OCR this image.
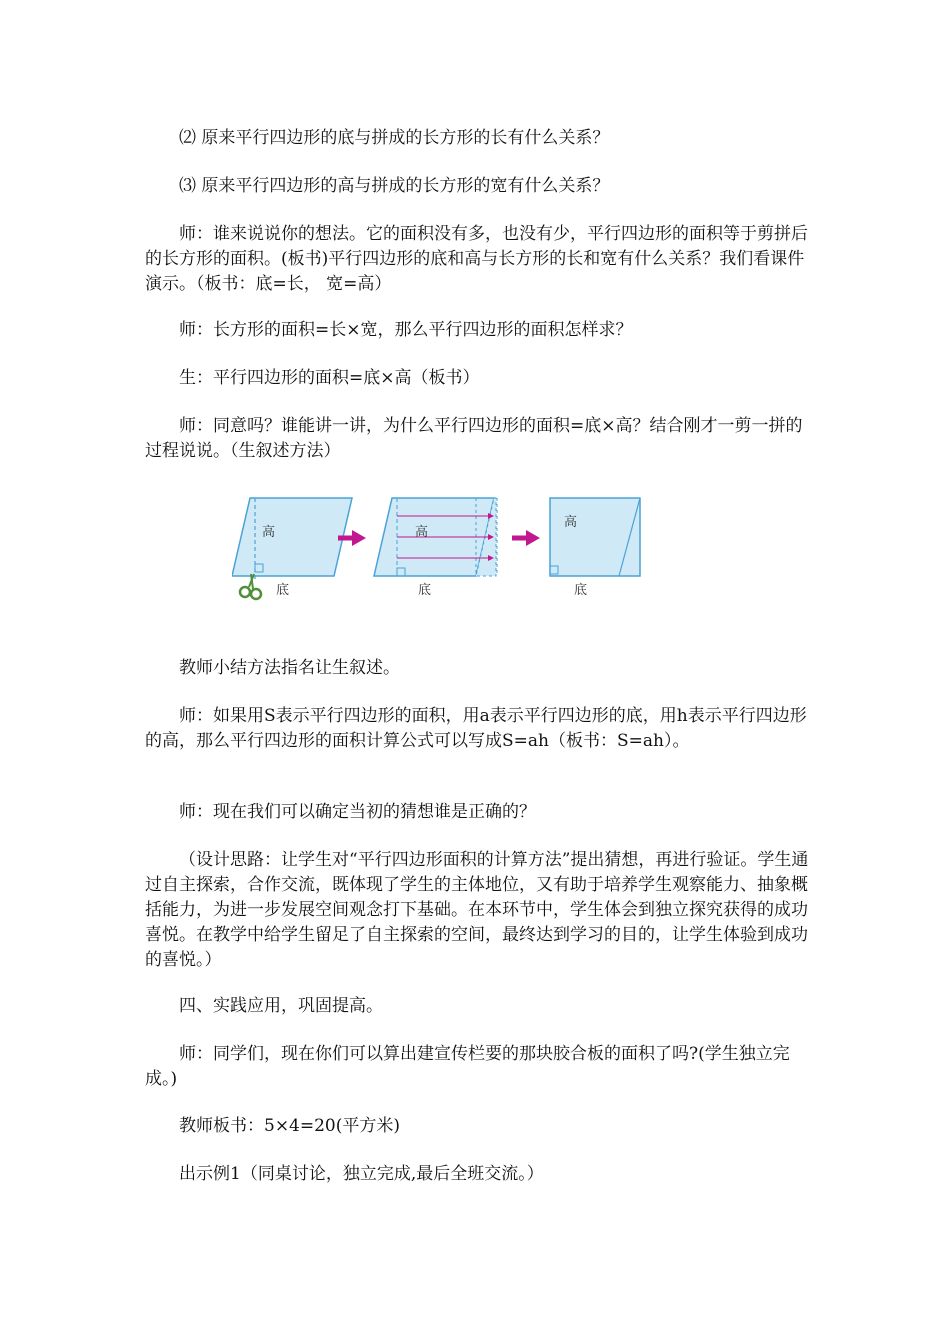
⑵ 原来平行四边形的底与拼成的长方形的长有什么关系？

⑶ 原来平行四边形的高与拼成的长方形的宽有什么关系？

师：谁来说说你的想法。它的面积没有多，也没有少，平行四边形的面积等于剪拼后的长方形的面积。(板书)平行四边形的底和高与长方形的长和宽有什么关系？我们看课件演示。（板书：底=长， 宽=高）

师：长方形的面积=长×宽，那么平行四边形的面积怎样求？

生：平行四边形的面积=底×高（板书）

师：同意吗？谁能讲一讲，为什么平行四边形的面积=底×高？结合刚才一剪一拼的过程说说。（生叙述方法）

高
底
高
底
高
底

教师小结方法指名让生叙述。

师：如果用S表示平行四边形的面积，用a表示平行四边形的底，用h表示平行四边形的高，那么平行四边形的面积计算公式可以写成S=ah（板书：S=ah）。

师：现在我们可以确定当初的猜想谁是正确的？

（设计思路：让学生对“平行四边形面积的计算方法”提出猜想，再进行验证。学生通过自主探索，合作交流，既体现了学生的主体地位，又有助于培养学生观察能力、抽象概括能力，为进一步发展空间观念打下基础。在本环节中，学生体会到独立探究获得的成功喜悦。在教学中给学生留足了自主探索的空间，最终达到学习的目的，让学生体验到成功的喜悦。）

四、实践应用，巩固提高。

师：同学们，现在你们可以算出建宣传栏要的那块胶合板的面积了吗?(学生独立完成。)

教师板书：5×4=20(平方米)

出示例1（同桌讨论，独立完成,最后全班交流。）
